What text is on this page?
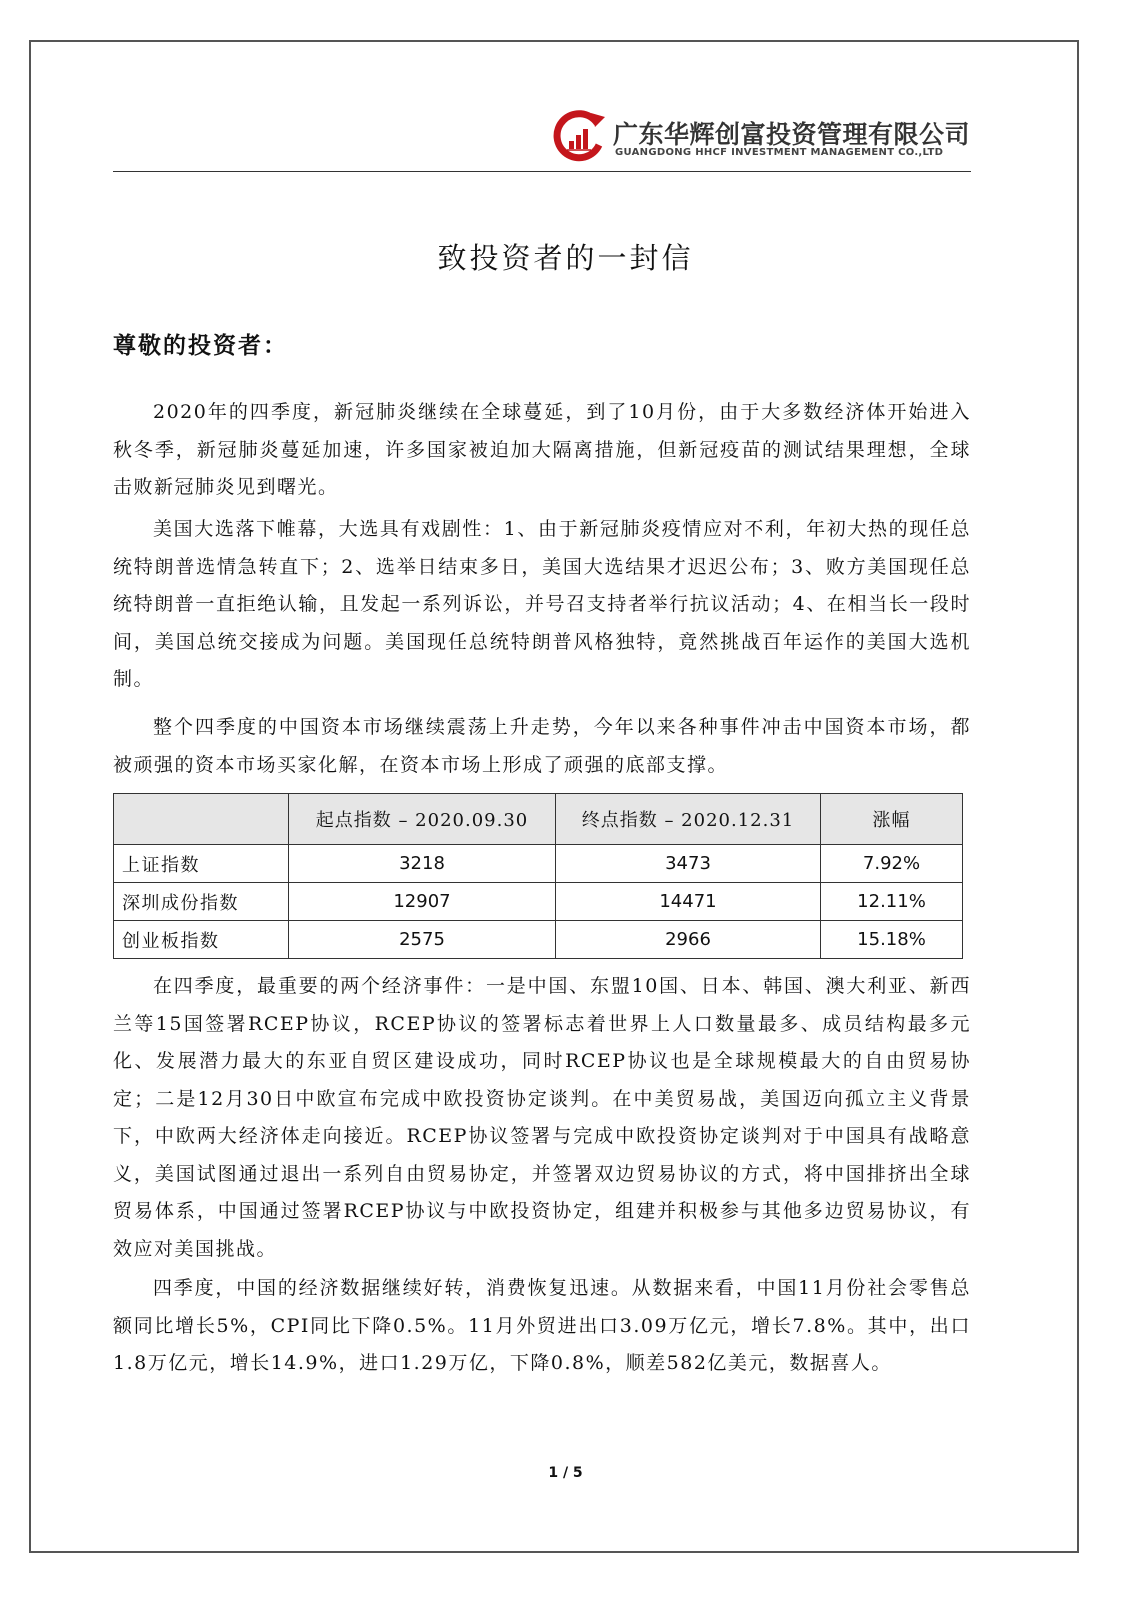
广东华辉创富投资管理有限公司
GUANGDONG HHCF INVESTMENT MANAGEMENT CO.,LTD
致投资者的一封信
尊敬的投资者：

2020年的四季度，新冠肺炎继续在全球蔓延，到了10月份，由于大多数经济体开始进入秋冬季，新冠肺炎蔓延加速，许多国家被迫加大隔离措施，但新冠疫苗的测试结果理想，全球击败新冠肺炎见到曙光。

美国大选落下帷幕，大选具有戏剧性：1、由于新冠肺炎疫情应对不利，年初大热的现任总统特朗普选情急转直下；2、选举日结束多日，美国大选结果才迟迟公布；3、败方美国现任总统特朗普一直拒绝认输，且发起一系列诉讼，并号召支持者举行抗议活动；4、在相当长一段时间，美国总统交接成为问题。美国现任总统特朗普风格独特，竟然挑战百年运作的美国大选机制。

整个四季度的中国资本市场继续震荡上升走势，今年以来各种事件冲击中国资本市场，都被顽强的资本市场买家化解，在资本市场上形成了顽强的底部支撑。

	起点指数 – 2020.09.30	终点指数 – 2020.12.31	涨幅
上证指数	3218	3473	7.92%
深圳成份指数	12907	14471	12.11%
创业板指数	2575	2966	15.18%

在四季度，最重要的两个经济事件：一是中国、东盟10国、日本、韩国、澳大利亚、新西兰等15国签署RCEP协议，RCEP协议的签署标志着世界上人口数量最多、成员结构最多元化、发展潜力最大的东亚自贸区建设成功，同时RCEP协议也是全球规模最大的自由贸易协定；二是12月30日中欧宣布完成中欧投资协定谈判。在中美贸易战，美国迈向孤立主义背景下，中欧两大经济体走向接近。RCEP协议签署与完成中欧投资协定谈判对于中国具有战略意义，美国试图通过退出一系列自由贸易协定，并签署双边贸易协议的方式，将中国排挤出全球贸易体系，中国通过签署RCEP协议与中欧投资协定，组建并积极参与其他多边贸易协议，有效应对美国挑战。

四季度，中国的经济数据继续好转，消费恢复迅速。从数据来看，中国11月份社会零售总额同比增长5%，CPI同比下降0.5%。11月外贸进出口3.09万亿元，增长7.8%。其中，出口1.8万亿元，增长14.9%，进口1.29万亿，下降0.8%，顺差582亿美元，数据喜人。

1 / 5
